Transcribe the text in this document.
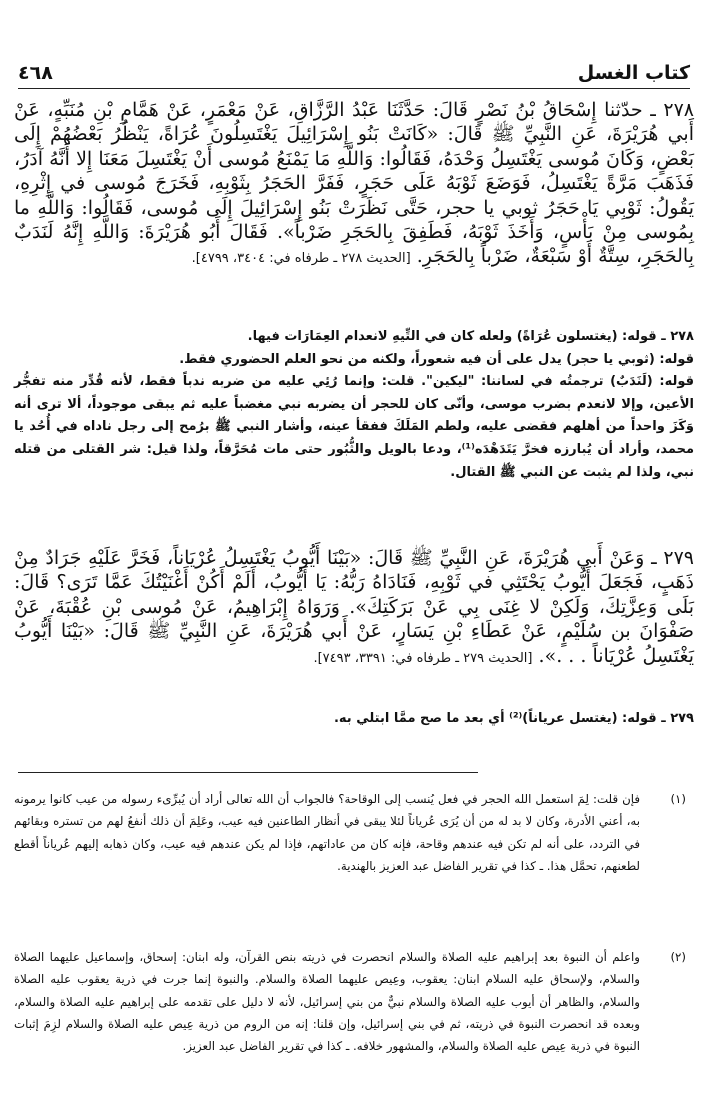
كتاب الغسل
٤٦٨

٢٧٨ ـ حدّثنا إِسْحَاقُ بْنُ نَصْرٍ قَالَ: حَدَّثَنَا عَبْدُ الرَّزَّاقِ، عَنْ مَعْمَرٍ، عَنْ هَمَّامِ بْنِ مُنَبِّهٍ، عَنْ أَبي هُرَيْرَةَ، عَنِ النَّبِيِّ ﷺ قَالَ: «كَانَتْ بَنُو إِسْرَائِيلَ يَغْتَسِلُونَ عُرَاةً، يَنْظُرُ بَعْضُهُمْ إِلَى بَعْضٍ، وَكَانَ مُوسى يَغْتَسِلُ وَحْدَهُ، فَقَالُوا: وَاللَّهِ مَا يَمْنَعُ مُوسى أَنْ يَغْتَسِلَ مَعَنَا إِلا أَنَّهُ آدَرُ، فَذَهَبَ مَرَّةً يَغْتَسِلُ، فَوَضَعَ ثَوْبَهُ عَلَى حَجَرٍ، فَفَرَّ الحَجَرُ بِثَوْبِهِ، فَخَرَجَ مُوسى في إِثْرِهِ، يَقُولُ: ثَوْبِي يَا حَجَرُ ثوبي يا حجر، حَتَّى نَظَرَتْ بَنُو إِسْرَائِيلَ إِلَى مُوسى، فَقَالُوا: وَاللَّهِ ما بِمُوسى مِنْ بَأْسٍ، وَأَخَذَ ثَوْبَهُ، فَطَفِقَ بِالحَجَرِ ضَرْباً». فَقَالَ أَبُو هُرَيْرَةَ: وَاللَّهِ إِنَّهُ لَنَدَبٌ بِالحَجَرِ، سِتَّةٌ أَوْ سَبْعَةٌ، ضَرْباً بِالحَجَرِ. [الحديث ٢٧٨ ـ طرفاه في: ٣٤٠٤، ٤٧٩٩].

٢٧٨ ـ قوله: (يغتسلون عُرَاةً) ولعله كان في التِّيهِ لانعدام العِمَارَات فيها.

قوله: (ثوبي يا حجر) يدل على أن فيه شعوراً، ولكنه من نحو العلم الحضوري فقط.

قوله: (لَنَدَبٌ) ترجمتُه في لساننا: "ليكين". قلت: وإنما رُئِي عليه من ضربه ندباً فقط، لأنه قُدِّر منه تفجُّر الأعين، وإلا لانعدم بضرب موسى، وأنّى كان للحجر أن يضربه نبي مغضباً عليه ثم يبقى موجوداً، ألا ترى أنه وَكَزَ واحداً من أهلهم فقضى عليه، ولطم المَلَكَ ففقأ عينه، وأشار النبي ﷺ برُمح إلى رجل ناداه في أُحُد يا محمد، وأراد أن يُبارزه فخرَّ يَتَدَهْدَه⁽¹⁾، ودعا بالويل والثُّبُور حتى مات مُحَرَّقاً، ولذا قيل: شر القتلى من قتله نبي، ولذا لم يثبت عن النبي ﷺ القتال.

٢٧٩ ـ وَعَنْ أَبي هُرَيْرَةَ، عَنِ النَّبِيِّ ﷺ قَالَ: «بَيْنَا أَيُّوبُ يَغْتَسِلُ عُرْيَاناً، فَخَرَّ عَلَيْهِ جَرَادٌ مِنْ ذَهَبٍ، فَجَعَلَ أَيُّوبُ يَحْتَثِي في ثَوْبِهِ، فَنَادَاهُ رَبُّهُ: يَا أَيُّوبُ، أَلَمْ أَكُنْ أَغْنَيْتُكَ عَمَّا تَرَى؟ قَالَ: بَلَى وَعِزَّتِكَ، وَلَكِنْ لا غِنَى بِي عَنْ بَرَكَتِكَ». وَرَوَاهُ إِبْرَاهِيمُ، عَنْ مُوسى بْنِ عُقْبَةَ، عَنْ صَفْوَانَ بن سُلَيْمٍ، عَنْ عَطَاءِ بْنِ يَسَارٍ، عَنْ أَبي هُرَيْرَةَ، عَنِ النَّبِيِّ ﷺ قَالَ: «بَيْنَا أَيُّوبُ يَغْتَسِلُ عُرْيَاناً . . .». [الحديث ٢٧٩ ـ طرفاه في: ٣٣٩١، ٧٤٩٣].

٢٧٩ ـ قوله: (يغتسل عرياناً)⁽²⁾ أي بعد ما صح ممَّا ابتلي به.

(١)
فإن قلت: لِمَ استعمل الله الحجر في فعل يُنسب إلى الوقاحة؟ فالجواب أن الله تعالى أراد أن يُبرِّىء رسوله من عيب كانوا يرمونه به، أعني الأدرة، وكان لا بد له من أن يُرَى عُرياناً لئلا يبقى في أنظار الطاعنين فيه عيب، وعَلِمَ أن ذلك أنفعُ لهم من تستره وبقائهم في التردد، على أنه لم تكن فيه عندهم وقاحة، فإنه كان من عاداتهم، فإذا لم يكن عندهم فيه عيب، وكان ذهابه إليهم عُرياناً أقطع لطعنهم، تحمَّل هذا. ـ كذا في تقرير الفاضل عبد العزيز بالهندية.
(٢)
واعلم أن النبوة بعد إبراهيم عليه الصلاة والسلام انحصرت في ذريته بنص القرآن، وله ابنان: إسحاق، وإسماعيل عليهما الصلاة والسلام، ولإسحاق عليه السلام ابنان: يعقوب، وعِيص عليهما الصلاة والسلام. والنبوة إنما جرت في ذرية يعقوب عليه الصلاة والسلام، والظاهر أن أيوب عليه الصلاة والسلام نبيٌّ من بني إسرائيل، لأنه لا دليل على تقدمه على إبراهيم عليه الصلاة والسلام، وبعده قد انحصرت النبوة في ذريته، ثم في بني إسرائيل، وإن قلنا: إنه من الروم من ذرية عِيص عليه الصلاة والسلام لزِمَ إثبات النبوة في ذرية عِيص عليه الصلاة والسلام، والمشهور خلافه. ـ كذا في تقرير الفاضل عبد العزيز.
